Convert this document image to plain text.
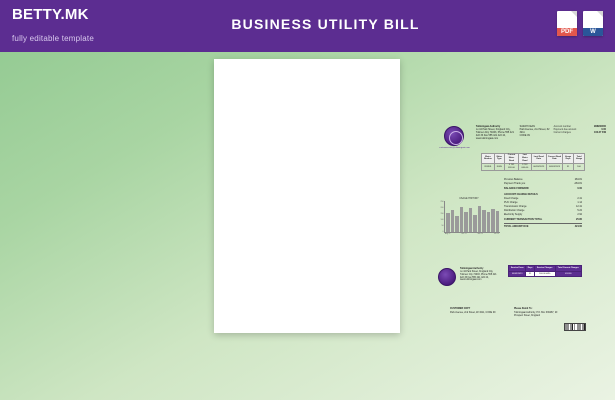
BETTY.MK
fully editable template
BUSINESS UTILITY BILL	PDF	W
customercare@tulimingaai.com
Tulimingaai Authority
no 44 Park Street, Kingland City, Tulimen City 74003, Phone 555 421 422 33 Fax 555 421 422 44, www.tulimingaai.com
SARAH KEAN
Park Avenue, 2nd Street, #2 3211
CODE 09
Account number	988290000
Payment due amount	0.00
Current charges	160.37 KW
Meter Number	Meter Type	Current Meter Read	Last Meter Read	Last Read Date	Current Read Date	Usage Days	Total Usage
203301	KWH	3 742 820.00	3 742 660.00	06/03/2023	06/03/2023	31	160
USAGE HISTORY
250
200
150
100
50
0
Aug 22	Dec 22	Mar 23	Jun 23
Previous Balance	284.81
Payment Thank you	-284.81
BALANCE FORWARD	0.00
ACCOUNT CHARGE DETAILS
Fixed Charge	2.41
PUC Charge	1.14
Transmission Charge	12.41
Distribution Charge	5.22
Electricity Supply	2.92
CURRENT TRANSACTION TOTAL	25.80
TOTAL AMOUNT DUE	424.60
Tulimingaai Authority
no 44 Park Street, Kingland City, Tulimen City 74003, Phone 555 421 422 33 Fax 555 421 422 44, www.tulimingaai.com
Service From	Days	Service Charges	Total Current Charges
06/03/2023	31	160.00 kWh	424.60
CUSTOMER COPY
Park Avenue, 2nd Street, #2 3211, CODE 09
Please Remit To:
Tulimingaai Authority, P.O. Box 339287, 2F Prospect Street, Kingland
